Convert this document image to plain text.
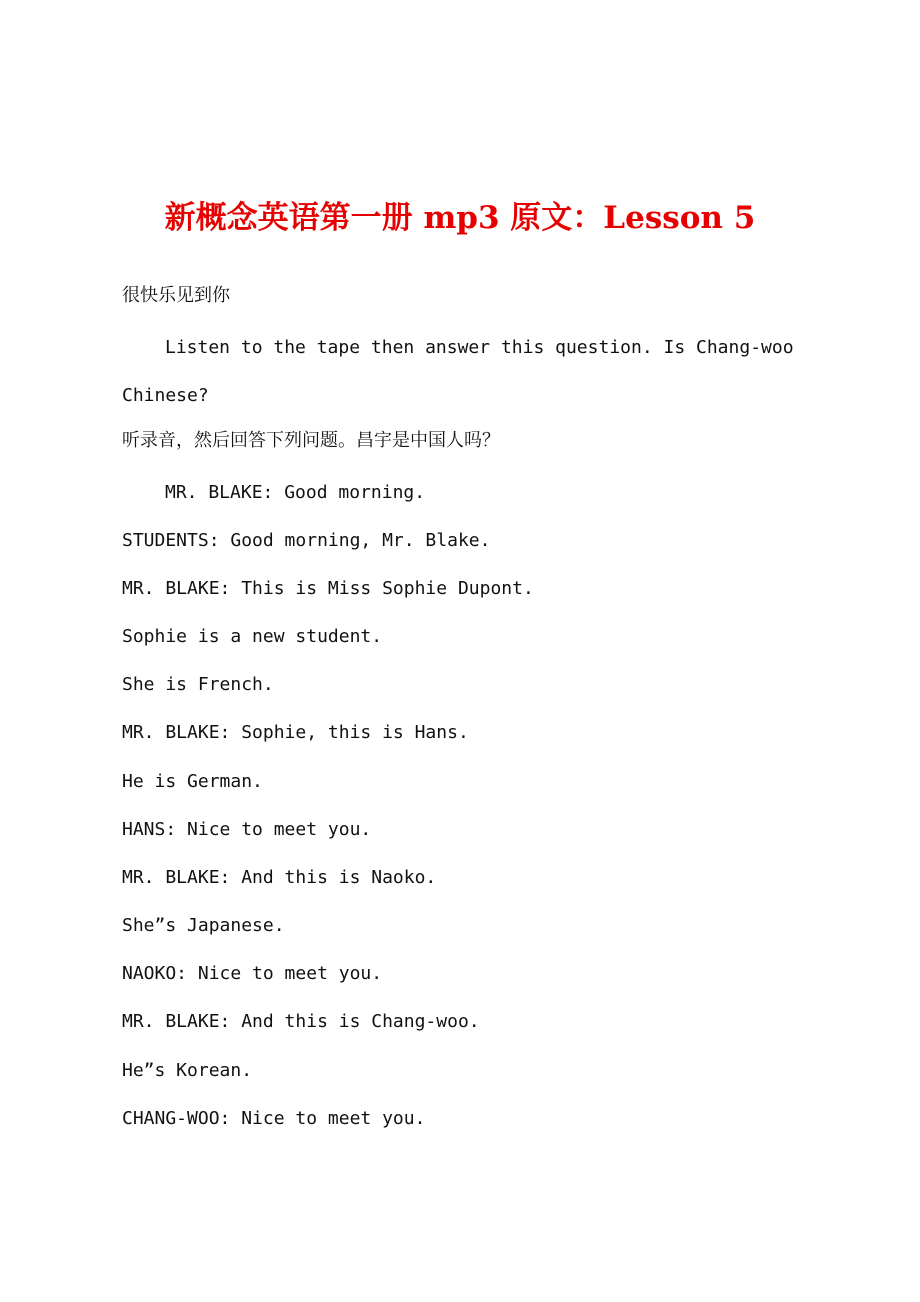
新概念英语第一册 mp3 原文：Lesson 5

很快乐见到你

Listen to the tape then answer this question. Is Chang-woo

Chinese?

听录音，然后回答下列问题。昌宇是中国人吗？

MR. BLAKE: Good morning.

STUDENTS: Good morning, Mr. Blake.

MR. BLAKE: This is Miss Sophie Dupont.

Sophie is a new student.

She is French.

MR. BLAKE: Sophie, this is Hans.

He is German.

HANS: Nice to meet you.

MR. BLAKE: And this is Naoko.

She”s Japanese.

NAOKO: Nice to meet you.

MR. BLAKE: And this is Chang-woo.

He”s Korean.

CHANG-WOO: Nice to meet you.
